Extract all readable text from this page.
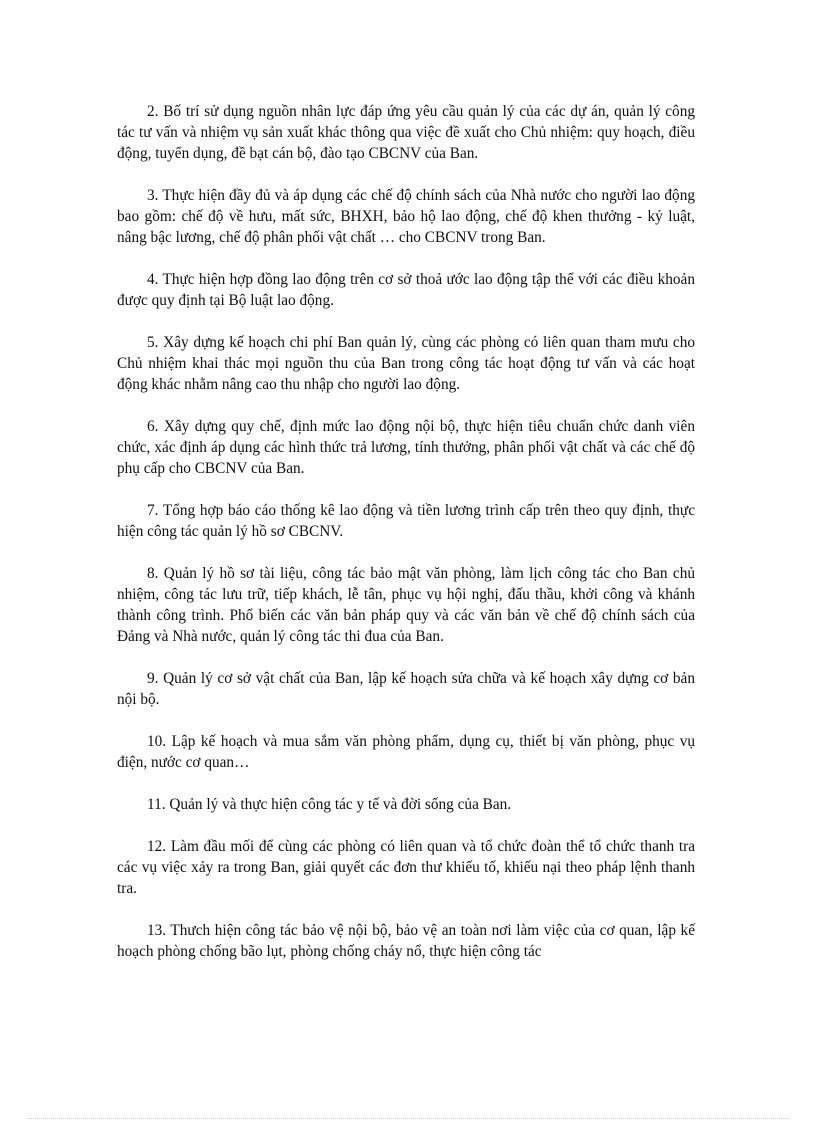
2. Bố trí sử dụng nguồn nhân lực đáp ứng yêu cầu quản lý của các dự án, quản lý công tác tư vấn và nhiệm vụ sản xuất khác thông qua việc đề xuất cho Chủ nhiệm: quy hoạch, điều động, tuyển dụng, đề bạt cán bộ, đào tạo CBCNV của Ban.

3. Thực hiện đầy đủ và áp dụng các chế độ chính sách của Nhà nước cho người lao động bao gồm: chế độ về hưu, mất sức, BHXH, bảo hộ lao động, chế độ khen thưởng - kỷ luật, nâng bậc lương, chế độ phân phối vật chất … cho CBCNV trong Ban.

4. Thực hiện hợp đồng lao động trên cơ sở thoả ước lao động tập thể với các điều khoản được quy định tại Bộ luật lao động.

5. Xây dựng kế hoạch chi phí Ban quản lý, cùng các phòng có liên quan tham mưu cho Chủ nhiệm khai thác mọi nguồn thu của Ban trong công tác hoạt động tư vấn và các hoạt động khác nhằm nâng cao thu nhập cho người lao động.

6. Xây dựng quy chế, định mức lao động nội bộ, thực hiện tiêu chuẩn chức danh viên chức, xác định áp dụng các hình thức trả lương, tính thưởng, phân phối vật chất và các chế độ phụ cấp cho CBCNV của Ban.

7. Tổng hợp báo cáo thống kê lao động và tiền lương trình cấp trên theo quy định, thực hiện công tác quản lý hồ sơ CBCNV.

8. Quản lý hồ sơ tài liệu, công tác bảo mật văn phòng, làm lịch công tác cho Ban chủ nhiệm, công tác lưu trữ, tiếp khách, lễ tân, phục vụ hội nghị, đấu thầu, khởi công và khánh thành công trình. Phổ biến các văn bản pháp quy và các văn bản về chế độ chính sách của Đảng và Nhà nước, quản lý công tác thi đua của Ban.

9. Quản lý cơ sở vật chất của Ban, lập kế hoạch sửa chữa và kế hoạch xây dựng cơ bản nội bộ.

10. Lập kế hoạch và mua sắm văn phòng phẩm, dụng cụ, thiết bị văn phòng, phục vụ điện, nước cơ quan…

11. Quản lý và thực hiện công tác y tế và đời sống của Ban.

12. Làm đầu mối để cùng các phòng có liên quan và tổ chức đoàn thể tổ chức thanh tra các vụ việc xảy ra trong Ban, giải quyết các đơn thư khiếu tố, khiếu nại theo pháp lệnh thanh tra.

13. Thưch hiện công tác bảo vệ nội bộ, bảo vệ an toàn nơi làm việc của cơ quan, lập kế hoạch phòng chống bão lụt, phòng chống cháy nổ, thực hiện công tác
